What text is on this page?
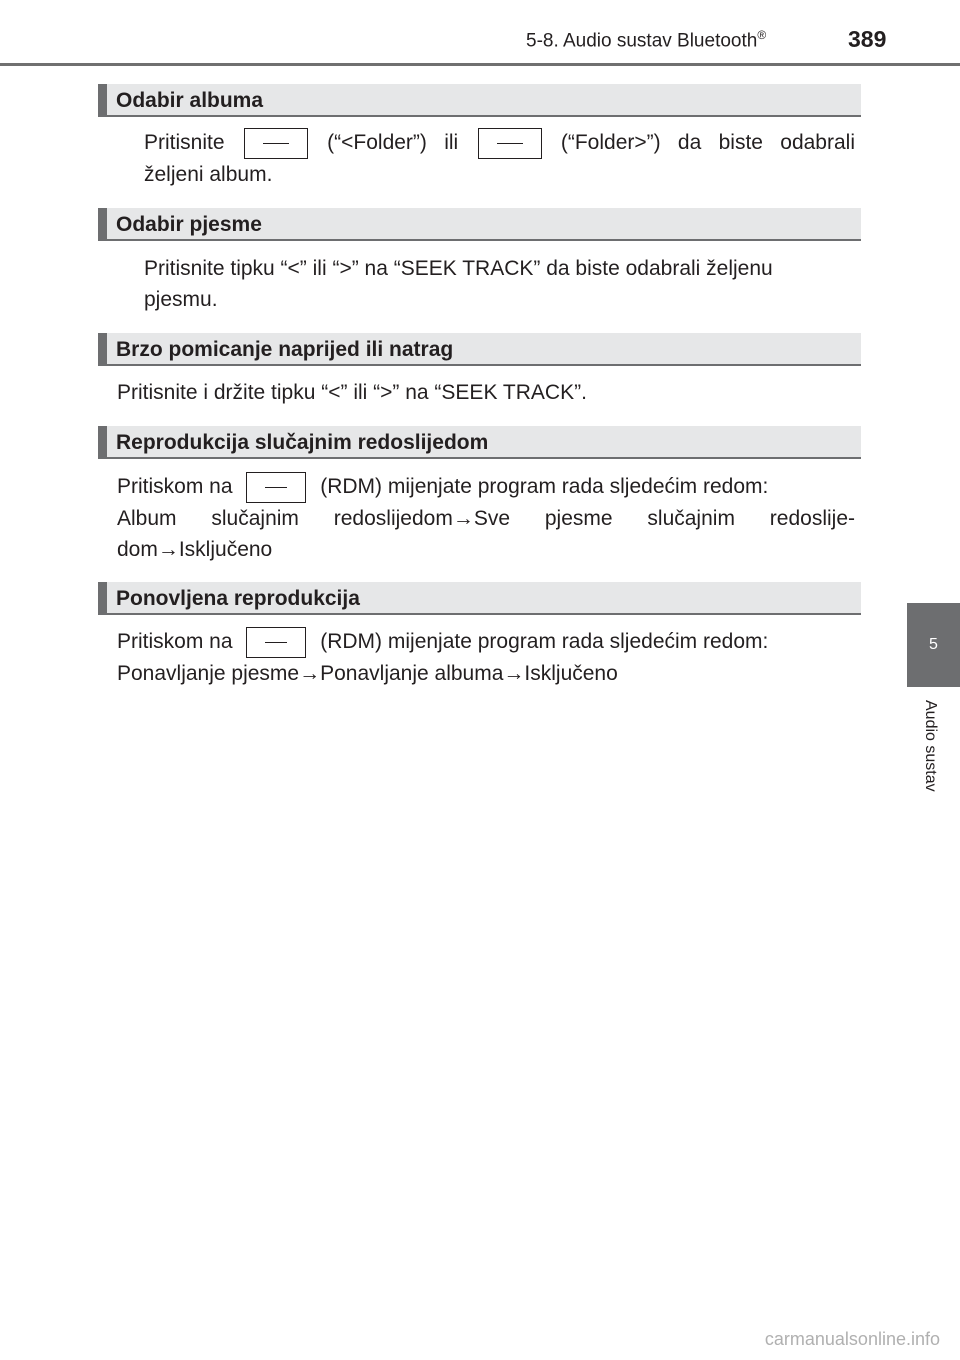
5-8. Audio sustav Bluetooth®	389
5
Audio sustav
Odabir albuma
Pritisnite	(“<Folder”) ili	(“Folder>”) da biste odabrali
željeni album.
Odabir pjesme
Pritisnite tipku “<” ili “>” na “SEEK TRACK” da biste odabrali željenu
pjesmu.
Brzo pomicanje naprijed ili natrag
Pritisnite i držite tipku “<” ili “>” na “SEEK TRACK”.
Reprodukcija slučajnim redoslijedom
Pritiskom na	(RDM) mijenjate program rada sljedećim redom:
Album slučajnim redoslijedom→Sve pjesme slučajnim redoslije-
dom→Isključeno
Ponovljena reprodukcija
Pritiskom na	(RDM) mijenjate program rada sljedećim redom:
Ponavljanje pjesme→Ponavljanje albuma→Isključeno
carmanualsonline.info
